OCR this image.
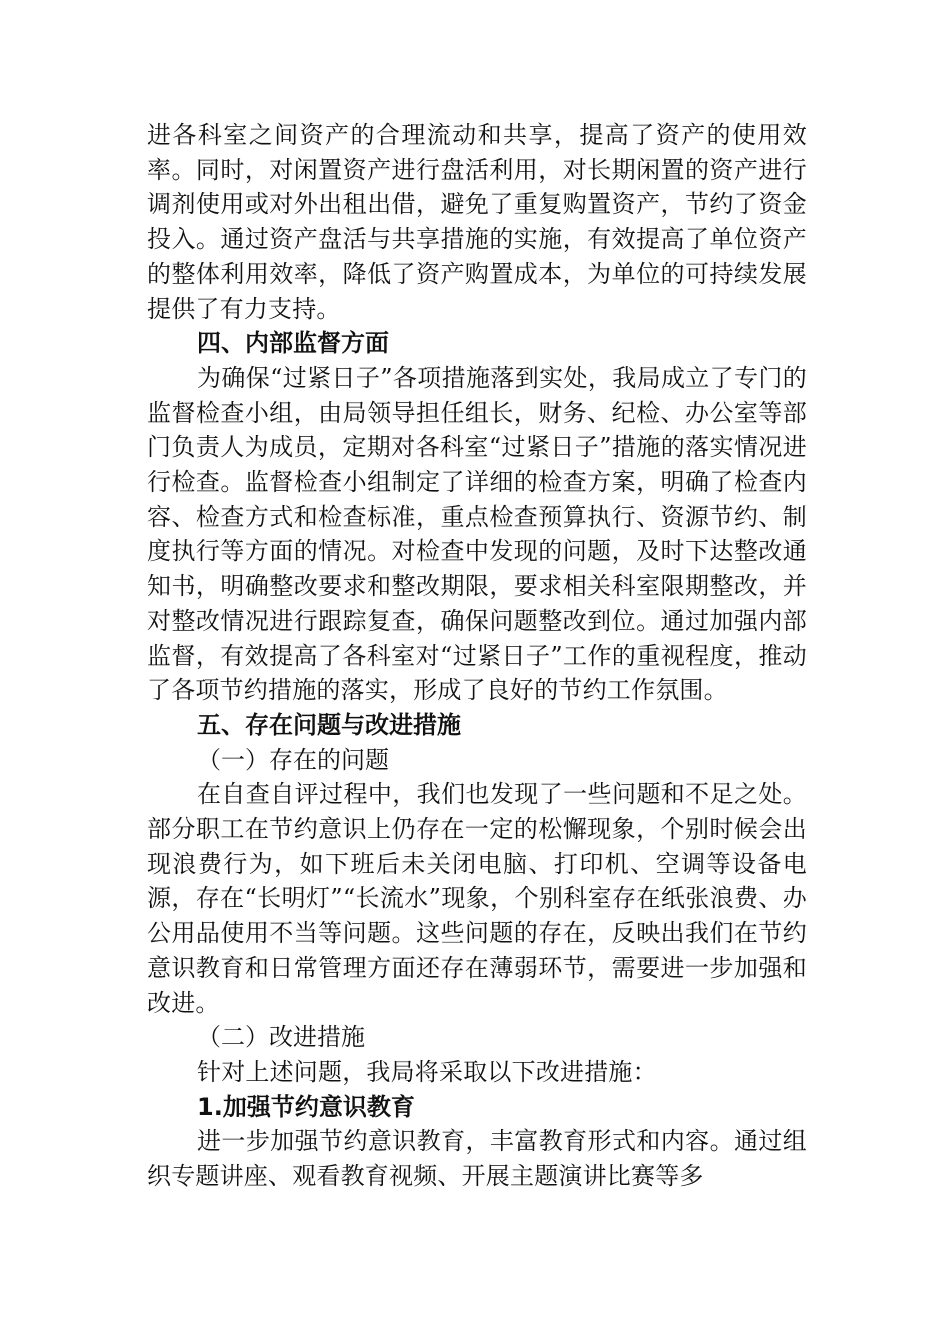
进各科室之间资产的合理流动和共享，提高了资产的使用效率。同时，对闲置资产进行盘活利用，对长期闲置的资产进行调剂使用或对外出租出借，避免了重复购置资产，节约了资金投入。通过资产盘活与共享措施的实施，有效提高了单位资产的整体利用效率，降低了资产购置成本，为单位的可持续发展提供了有力支持。

四、内部监督方面

为确保“过紧日子”各项措施落到实处，我局成立了专门的监督检查小组，由局领导担任组长，财务、纪检、办公室等部门负责人为成员，定期对各科室“过紧日子”措施的落实情况进行检查。监督检查小组制定了详细的检查方案，明确了检查内容、检查方式和检查标准，重点检查预算执行、资源节约、制度执行等方面的情况。对检查中发现的问题，及时下达整改通知书，明确整改要求和整改期限，要求相关科室限期整改，并对整改情况进行跟踪复查，确保问题整改到位。通过加强内部监督，有效提高了各科室对“过紧日子”工作的重视程度，推动了各项节约措施的落实，形成了良好的节约工作氛围。

五、存在问题与改进措施

（一）存在的问题

在自查自评过程中，我们也发现了一些问题和不足之处。部分职工在节约意识上仍存在一定的松懈现象，个别时候会出现浪费行为，如下班后未关闭电脑、打印机、空调等设备电源，存在“长明灯”“长流水”现象，个别科室存在纸张浪费、办公用品使用不当等问题。这些问题的存在，反映出我们在节约意识教育和日常管理方面还存在薄弱环节，需要进一步加强和改进。

（二）改进措施

针对上述问题，我局将采取以下改进措施：

1.加强节约意识教育

进一步加强节约意识教育，丰富教育形式和内容。通过组织专题讲座、观看教育视频、开展主题演讲比赛等多
